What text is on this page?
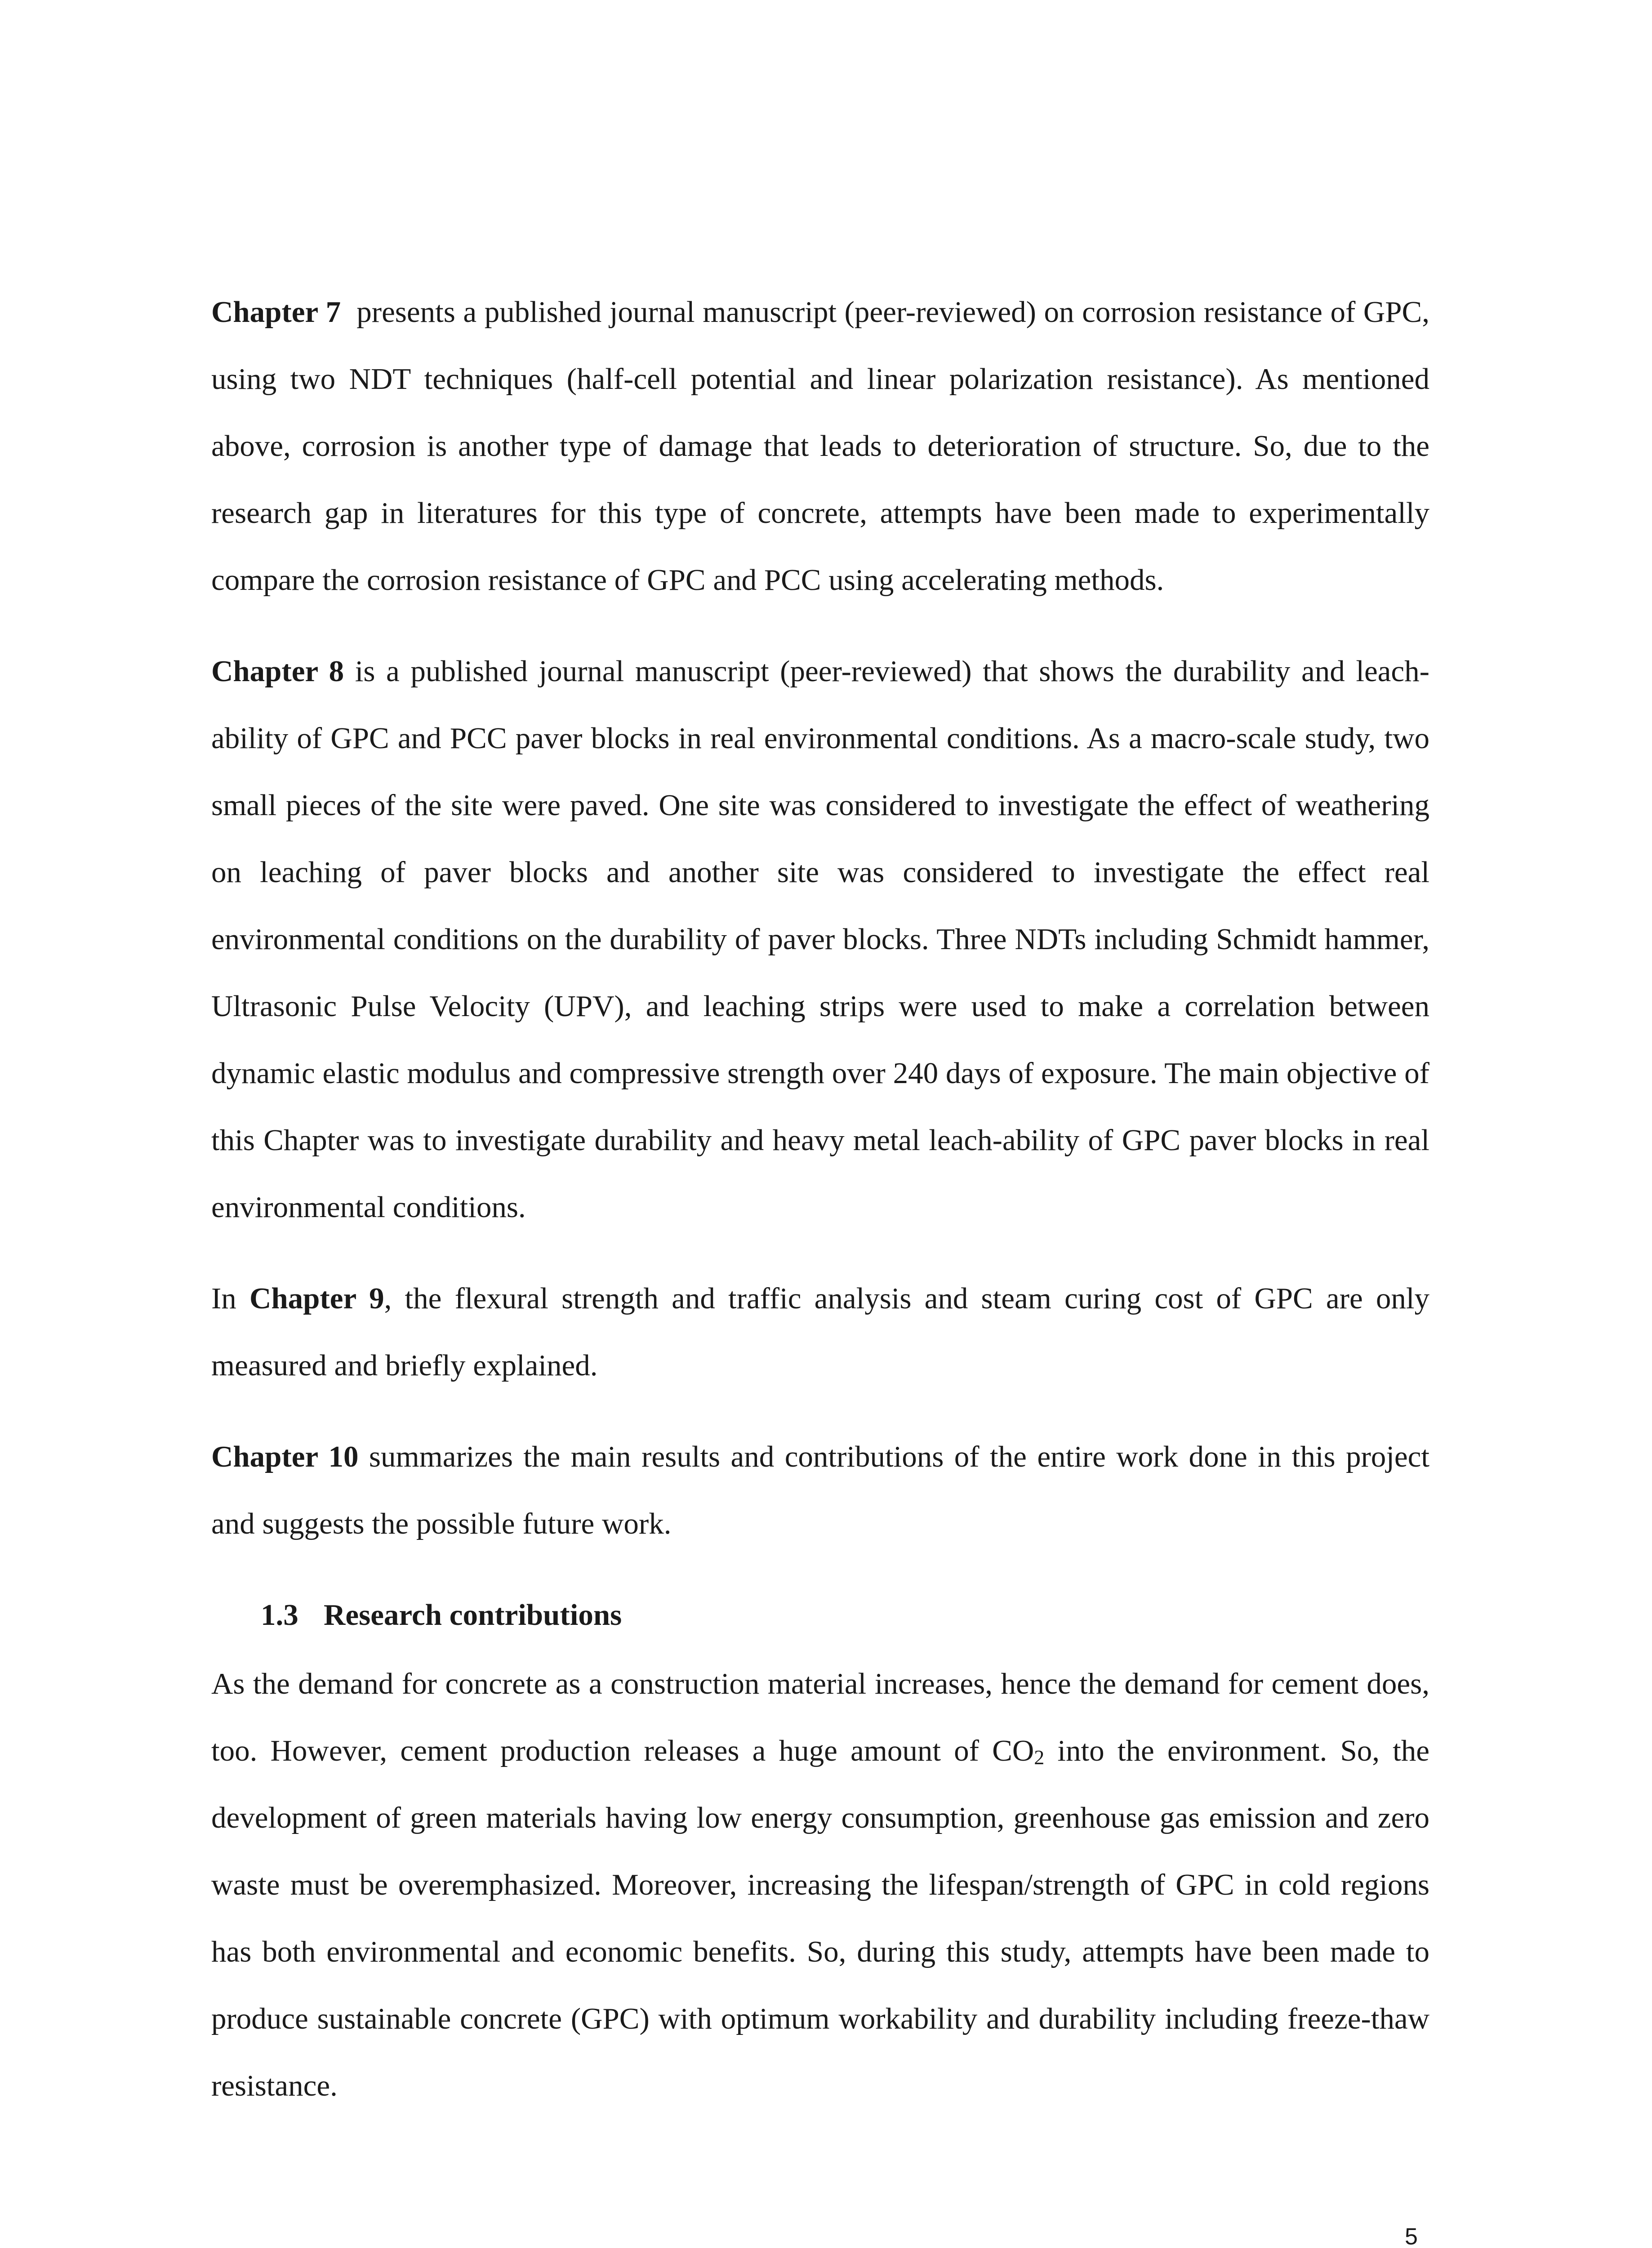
Chapter 7  presents a published journal manuscript (peer-reviewed) on corrosion resistance of GPC, using two NDT techniques (half-cell potential and linear polarization resistance). As mentioned above, corrosion is another type of damage that leads to deterioration of structure. So, due to the research gap in literatures for this type of concrete, attempts have been made to experimentally compare the corrosion resistance of GPC and PCC using accelerating methods.

Chapter 8 is a published journal manuscript (peer-reviewed) that shows the durability and leach-ability of GPC and PCC paver blocks in real environmental conditions. As a macro-scale study, two small pieces of the site were paved. One site was considered to investigate the effect of weathering on leaching of paver blocks and another site was considered to investigate the effect real environmental conditions on the durability of paver blocks. Three NDTs including Schmidt hammer, Ultrasonic Pulse Velocity (UPV), and leaching strips were used to make a correlation between dynamic elastic modulus and compressive strength over 240 days of exposure. The main objective of this Chapter was to investigate durability and heavy metal leach-ability of GPC paver blocks in real environmental conditions.

In Chapter 9, the flexural strength and traffic analysis and steam curing cost of GPC are only measured and briefly explained.

Chapter 10 summarizes the main results and contributions of the entire work done in this project and suggests the possible future work.

1.3 Research contributions

As the demand for concrete as a construction material increases, hence the demand for cement does, too. However, cement production releases a huge amount of $CO_2$ into the environment. So, the development of green materials having low energy consumption, greenhouse gas emission and zero waste must be overemphasized. Moreover, increasing the lifespan/strength of GPC in cold regions has both environmental and economic benefits. So, during this study, attempts have been made to produce sustainable concrete (GPC) with optimum workability and durability including freeze-thaw resistance.

5
